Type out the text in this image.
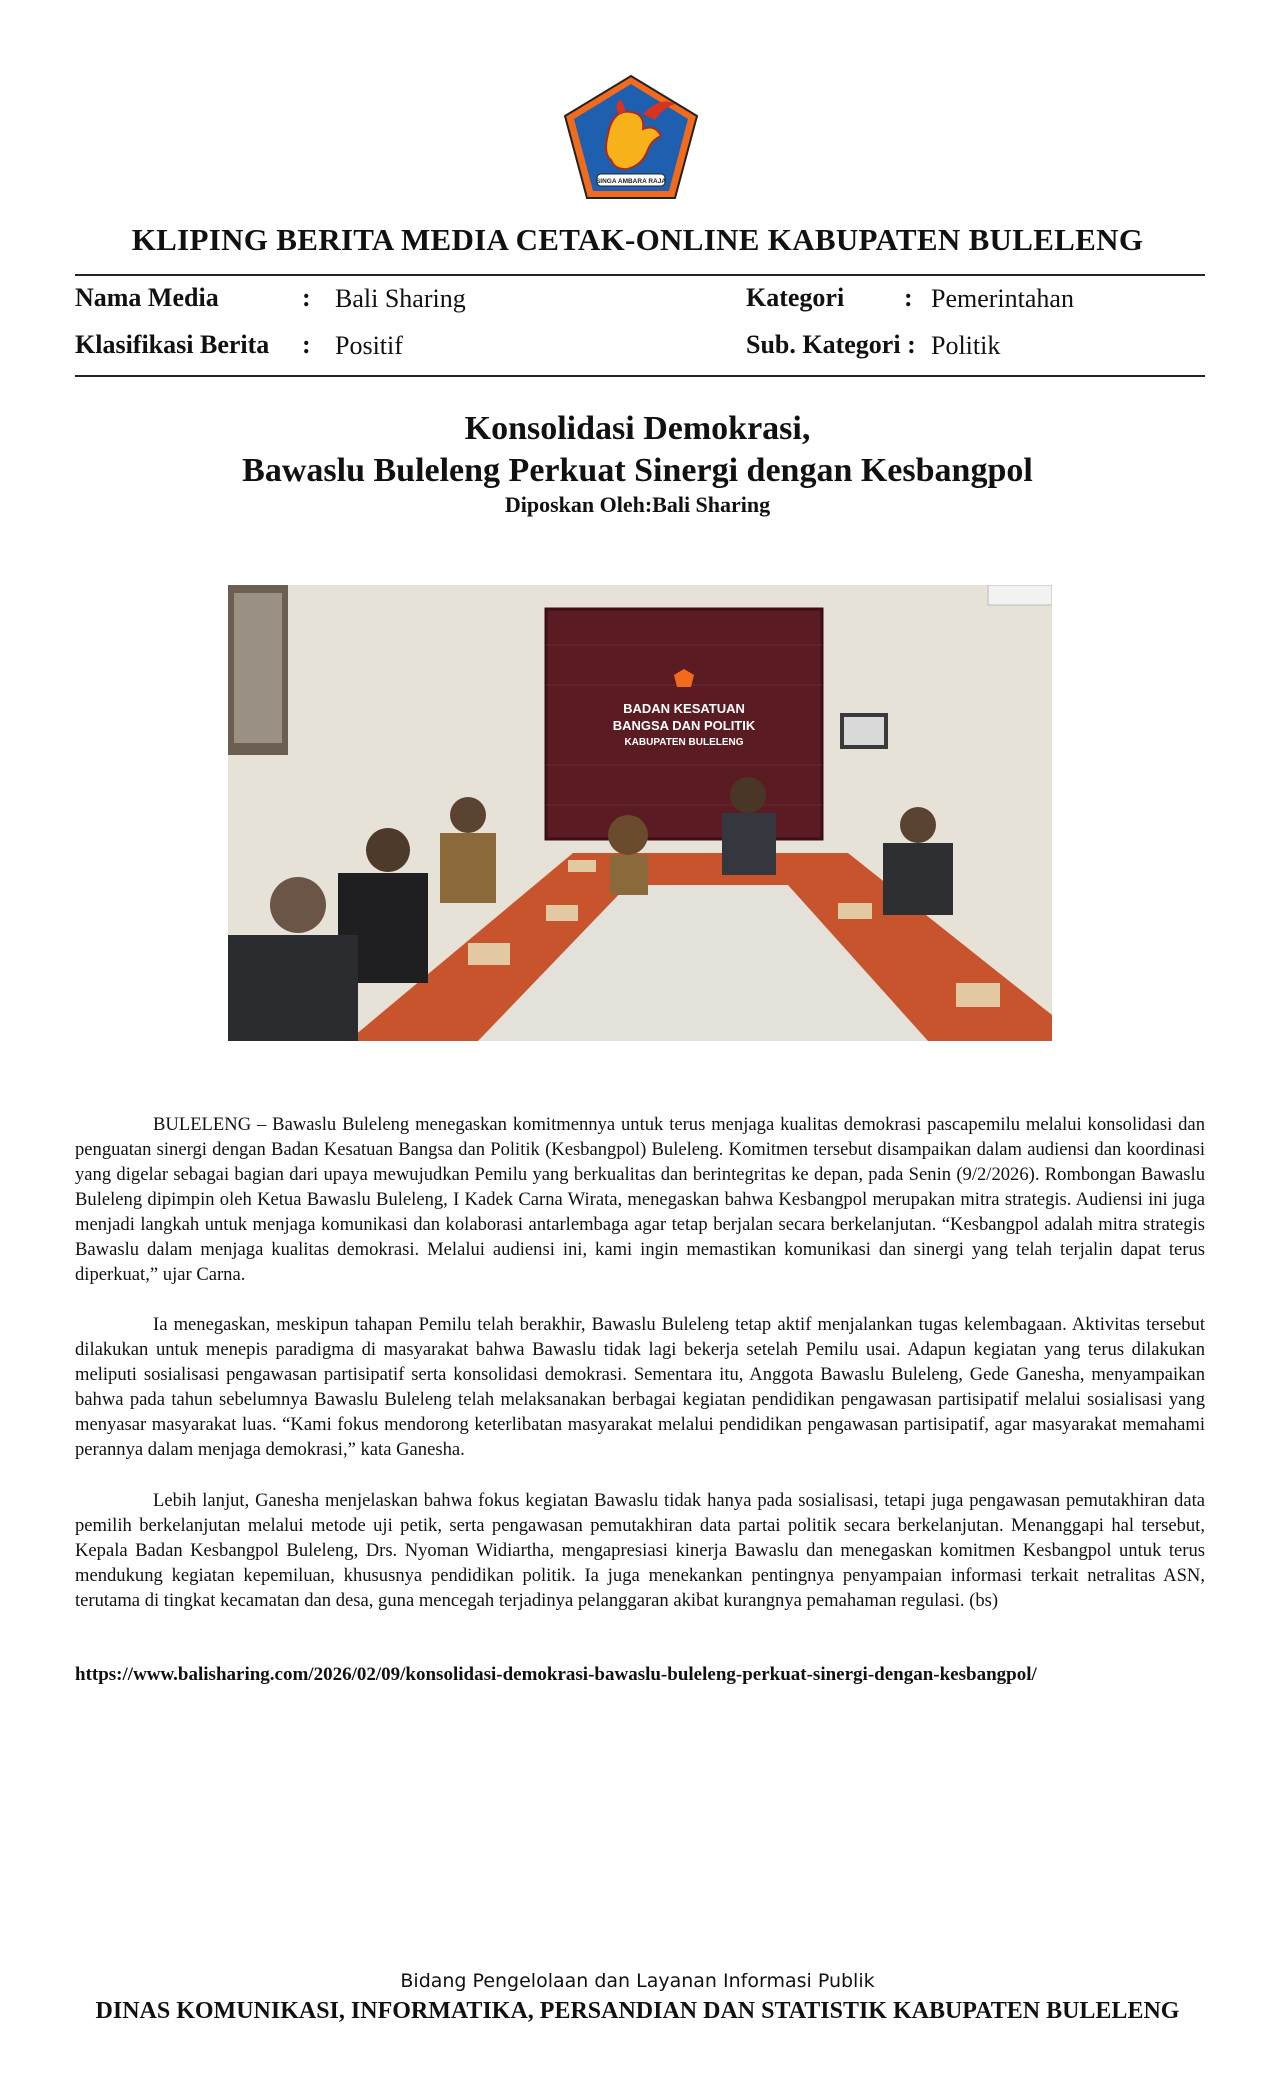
SINGA AMBARA RAJA
KLIPING BERITA MEDIA CETAK-ONLINE KABUPATEN BULELENG
Nama Media	: Bali Sharing	Kategori : Pemerintahan
Klasifikasi Berita : Positif	Sub. Kategori : Politik
Konsolidasi Demokrasi,
Bawaslu Buleleng Perkuat Sinergi dengan Kesbangpol
Diposkan Oleh:Bali Sharing
BADAN KESATUAN
BANGSA DAN POLITIK
KABUPATEN BULELENG

BULELENG – Bawaslu Buleleng menegaskan komitmennya untuk terus menjaga kualitas demokrasi pascapemilu melalui konsolidasi dan penguatan sinergi dengan Badan Kesatuan Bangsa dan Politik (Kesbangpol) Buleleng. Komitmen tersebut disampaikan dalam audiensi dan koordinasi yang digelar sebagai bagian dari upaya mewujudkan Pemilu yang berkualitas dan berintegritas ke depan, pada Senin (9/2/2026). Rombongan Bawaslu Buleleng dipimpin oleh Ketua Bawaslu Buleleng, I Kadek Carna Wirata, menegaskan bahwa Kesbangpol merupakan mitra strategis. Audiensi ini juga menjadi langkah untuk menjaga komunikasi dan kolaborasi antarlembaga agar tetap berjalan secara berkelanjutan. “Kesbangpol adalah mitra strategis Bawaslu dalam menjaga kualitas demokrasi. Melalui audiensi ini, kami ingin memastikan komunikasi dan sinergi yang telah terjalin dapat terus diperkuat,” ujar Carna.

Ia menegaskan, meskipun tahapan Pemilu telah berakhir, Bawaslu Buleleng tetap aktif menjalankan tugas kelembagaan. Aktivitas tersebut dilakukan untuk menepis paradigma di masyarakat bahwa Bawaslu tidak lagi bekerja setelah Pemilu usai. Adapun kegiatan yang terus dilakukan meliputi sosialisasi pengawasan partisipatif serta konsolidasi demokrasi. Sementara itu, Anggota Bawaslu Buleleng, Gede Ganesha, menyampaikan bahwa pada tahun sebelumnya Bawaslu Buleleng telah melaksanakan berbagai kegiatan pendidikan pengawasan partisipatif melalui sosialisasi yang menyasar masyarakat luas. “Kami fokus mendorong keterlibatan masyarakat melalui pendidikan pengawasan partisipatif, agar masyarakat memahami perannya dalam menjaga demokrasi,” kata Ganesha.

Lebih lanjut, Ganesha menjelaskan bahwa fokus kegiatan Bawaslu tidak hanya pada sosialisasi, tetapi juga pengawasan pemutakhiran data pemilih berkelanjutan melalui metode uji petik, serta pengawasan pemutakhiran data partai politik secara berkelanjutan. Menanggapi hal tersebut, Kepala Badan Kesbangpol Buleleng, Drs. Nyoman Widiartha, mengapresiasi kinerja Bawaslu dan menegaskan komitmen Kesbangpol untuk terus mendukung kegiatan kepemiluan, khususnya pendidikan politik. Ia juga menekankan pentingnya penyampaian informasi terkait netralitas ASN, terutama di tingkat kecamatan dan desa, guna mencegah terjadinya pelanggaran akibat kurangnya pemahaman regulasi. (bs)

https://www.balisharing.com/2026/02/09/konsolidasi-demokrasi-bawaslu-buleleng-perkuat-sinergi-dengan-kesbangpol/
Bidang Pengelolaan dan Layanan Informasi Publik
DINAS KOMUNIKASI, INFORMATIKA, PERSANDIAN DAN STATISTIK KABUPATEN BULELENG
